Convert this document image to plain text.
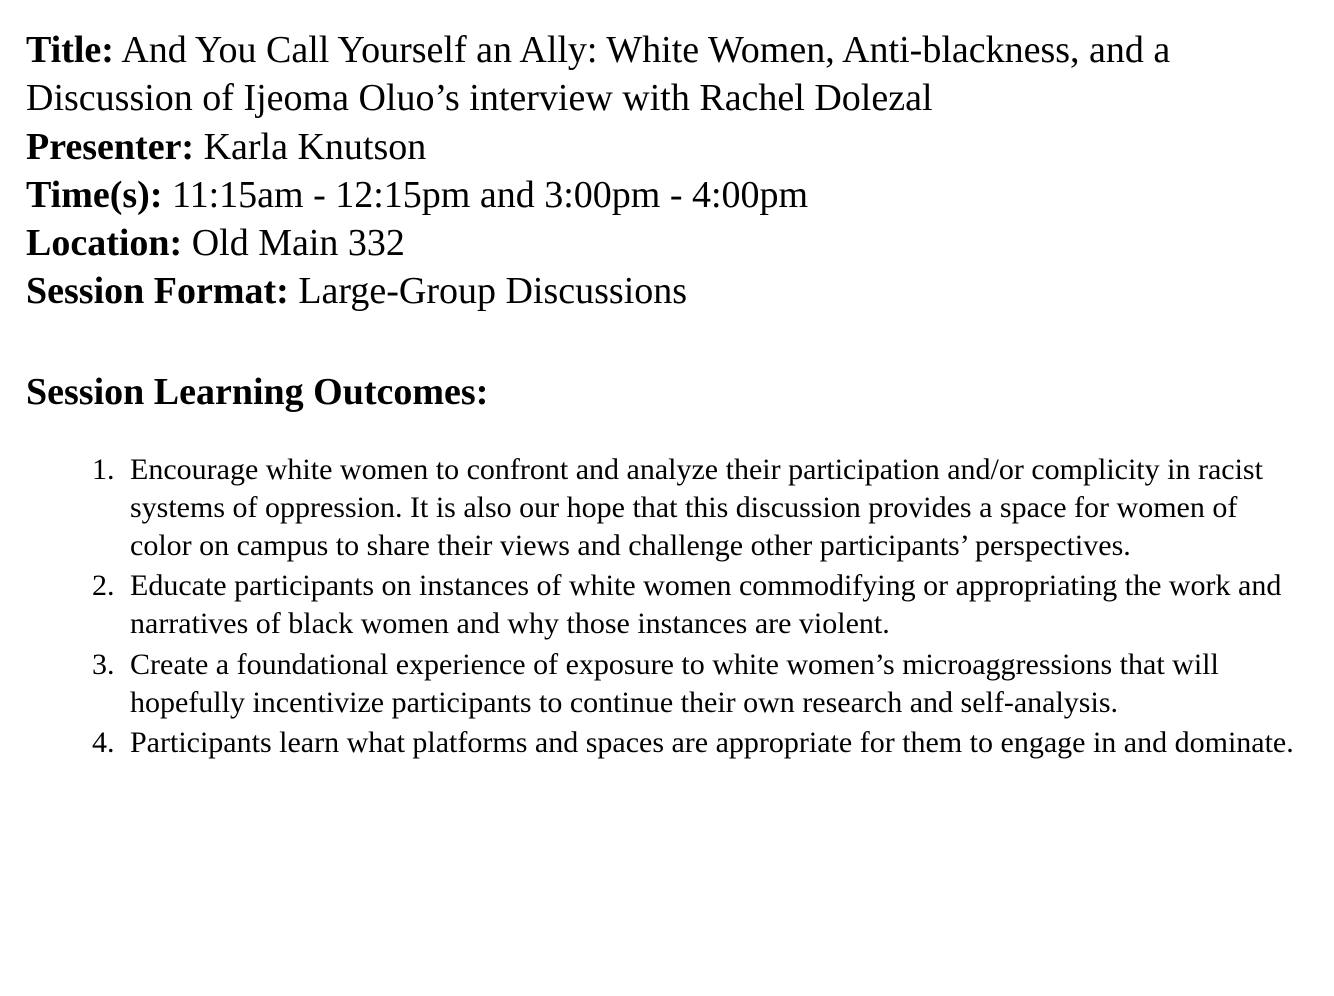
Title: And You Call Yourself an Ally: White Women, Anti-blackness, and a Discussion of Ijeoma Oluo’s interview with Rachel Dolezal

Presenter: Karla Knutson

Time(s): 11:15am - 12:15pm and 3:00pm - 4:00pm

Location: Old Main 332

Session Format: Large-Group Discussions

Session Learning Outcomes:
1. Encourage white women to confront and analyze their participation and/or complicity in racist systems of oppression. It is also our hope that this discussion provides a space for women of color on campus to share their views and challenge other participants’ perspectives.
2. Educate participants on instances of white women commodifying or appropriating the work and narratives of black women and why those instances are violent.
3. Create a foundational experience of exposure to white women’s microaggressions that will hopefully incentivize participants to continue their own research and self-analysis.
4. Participants learn what platforms and spaces are appropriate for them to engage in and dominate.
